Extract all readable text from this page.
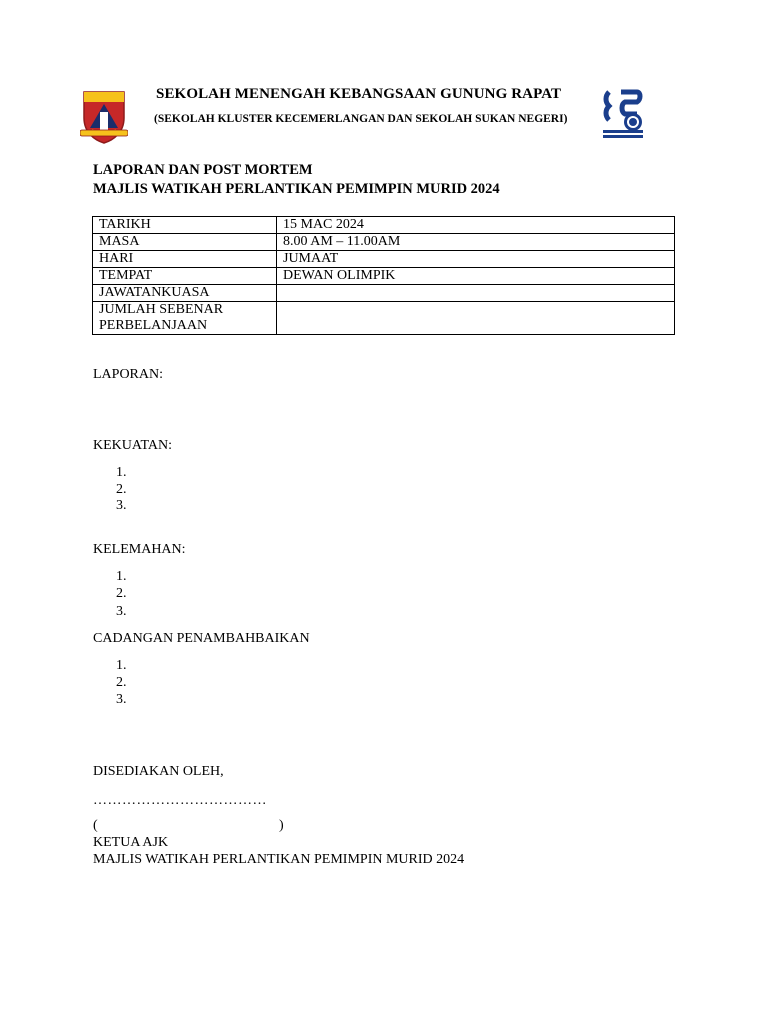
SEKOLAH MENENGAH KEBANGSAAN GUNUNG RAPAT
(SEKOLAH KLUSTER KECEMERLANGAN DAN SEKOLAH SUKAN NEGERI)
LAPORAN DAN POST MORTEM
MAJLIS WATIKAH PERLANTIKAN PEMIMPIN MURID 2024
TARIKH	15 MAC 2024
MASA	8.00 AM – 11.00AM
HARI	JUMAAT
TEMPAT	DEWAN OLIMPIK
JAWATANKUASA	
JUMLAH SEBENAR PERBELANJAAN	
LAPORAN:
KEKUATAN:
1.
2.
3.
KELEMAHAN:
1.
2.
3.
CADANGAN PENAMBAHBAIKAN
1.
2.
3.
DISEDIAKAN OLEH,
………………………………
(	)
KETUA AJK
MAJLIS WATIKAH PERLANTIKAN PEMIMPIN MURID 2024
